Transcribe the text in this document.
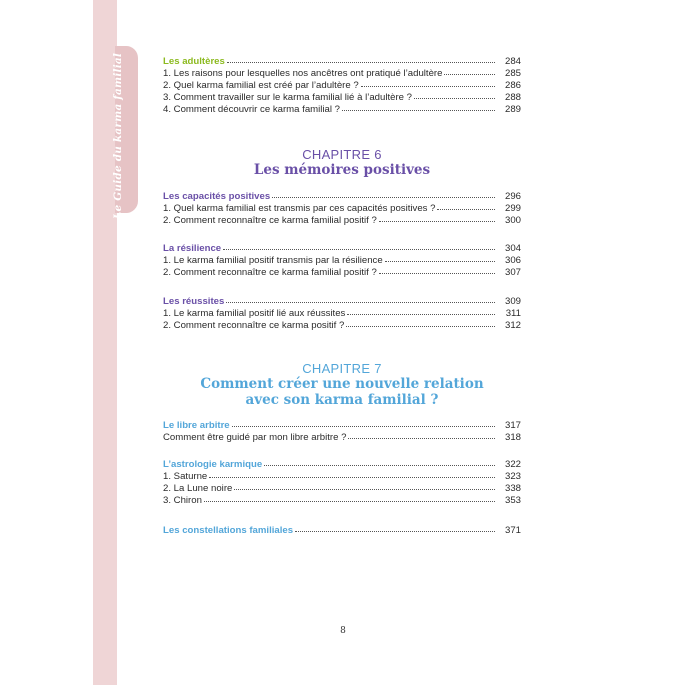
Le Guide du karma familial	Les adultères	284
1. Les raisons pour lesquelles nos ancêtres ont pratiqué l’adultère	285
2. Quel karma familial est créé par l’adultère ?	286
3. Comment travailler sur le karma familial lié à l’adultère ?	288
4. Comment découvrir ce karma familial ?	289
CHAPITRE 6
Les mémoires positives
Les capacités positives	296
1. Quel karma familial est transmis par ces capacités positives ?	299
2. Comment reconnaître ce karma familial positif ?	300
La résilience	304
1. Le karma familial positif transmis par la résilience	306
2. Comment reconnaître ce karma familial positif ?	307
Les réussites	309
1. Le karma familial positif lié aux réussites	311
2. Comment reconnaître ce karma positif ?	312
CHAPITRE 7
Comment créer une nouvelle relation
avec son karma familial ?
Le libre arbitre	317
Comment être guidé par mon libre arbitre ?	318
L’astrologie karmique	322
1. Saturne	323
2. La Lune noire	338
3. Chiron	353
Les constellations familiales	371
8
